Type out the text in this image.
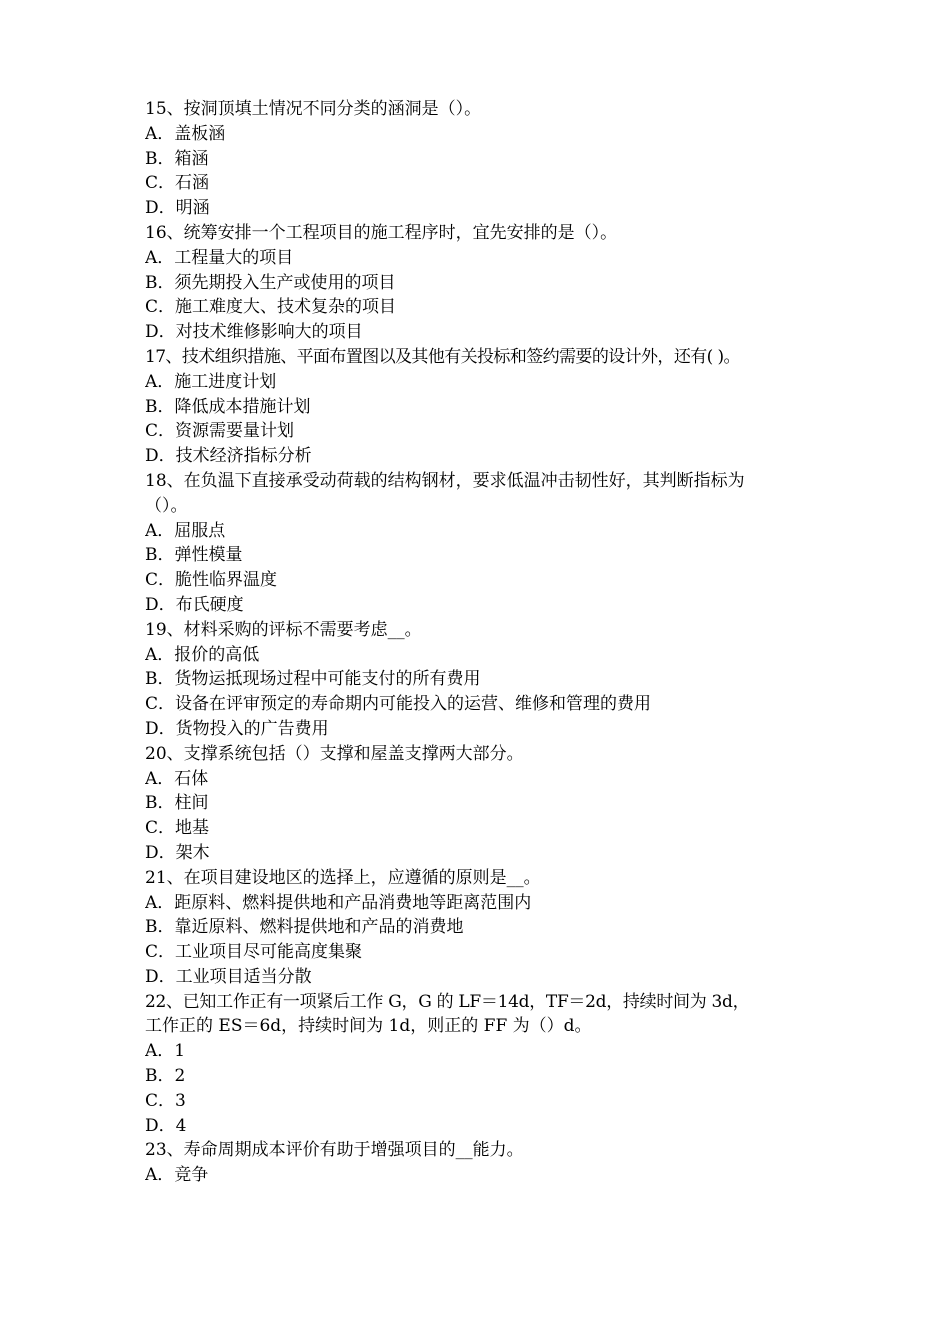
15、按洞顶填土情况不同分类的涵洞是（）。
A．盖板涵
B．箱涵
C．石涵
D．明涵
16、统筹安排一个工程项目的施工程序时，宜先安排的是（）。
A．工程量大的项目
B．须先期投入生产或使用的项目
C．施工难度大、技术复杂的项目
D．对技术维修影响大的项目
17、技术组织措施、平面布置图以及其他有关投标和签约需要的设计外，还有( )。
A．施工进度计划
B．降低成本措施计划
C．资源需要量计划
D．技术经济指标分析
18、在负温下直接承受动荷载的结构钢材，要求低温冲击韧性好，其判断指标为
（）。
A．屈服点
B．弹性模量
C．脆性临界温度
D．布氏硬度
19、材料采购的评标不需要考虑__。
A．报价的高低
B．货物运抵现场过程中可能支付的所有费用
C．设备在评审预定的寿命期内可能投入的运营、维修和管理的费用
D．货物投入的广告费用
20、支撑系统包括（）支撑和屋盖支撑两大部分。
A．石体
B．柱间
C．地基
D．架木
21、在项目建设地区的选择上，应遵循的原则是__。
A．距原料、燃料提供地和产品消费地等距离范围内
B．靠近原料、燃料提供地和产品的消费地
C．工业项目尽可能高度集聚
D．工业项目适当分散
22、已知工作正有一项紧后工作 G，G 的 LF＝14d，TF＝2d，持续时间为 3d，
工作正的 ES＝6d，持续时间为 1d，则正的 FF 为（）d。
A．1
B．2
C．3
D．4
23、寿命周期成本评价有助于增强项目的__能力。
A．竞争
